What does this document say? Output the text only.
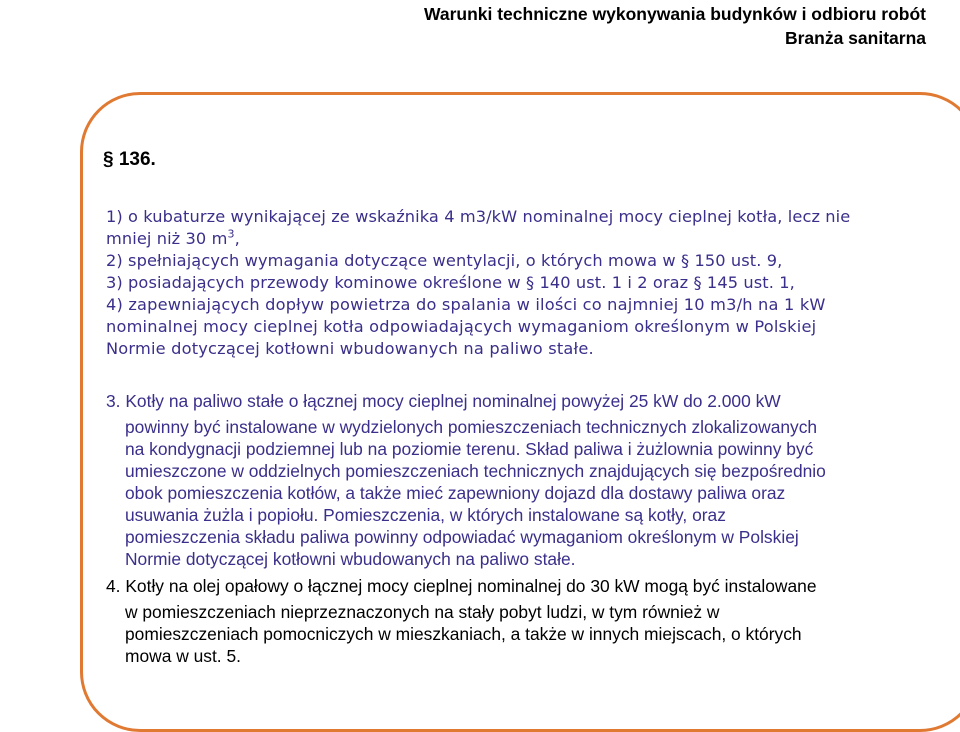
Warunki techniczne wykonywania budynków i odbioru robót
Branża sanitarna
§ 136.
1) o kubaturze wynikającej ze wskaźnika 4 m3/kW nominalnej mocy cieplnej kotła, lecz nie
mniej niż 30 $m^3$,
2) spełniających wymagania dotyczące wentylacji, o których mowa w § 150 ust. 9,
3) posiadających przewody kominowe określone w § 140 ust. 1 i 2 oraz § 145 ust. 1,
4) zapewniających dopływ powietrza do spalania w ilości co najmniej 10 m3/h na 1 kW
nominalnej mocy cieplnej kotła odpowiadających wymaganiom określonym w Polskiej
Normie dotyczącej kotłowni wbudowanych na paliwo stałe.
3. Kotły na paliwo stałe o łącznej mocy cieplnej nominalnej powyżej 25 kW do 2.000 kW
powinny być instalowane w wydzielonych pomieszczeniach technicznych zlokalizowanych
na kondygnacji podziemnej lub na poziomie terenu. Skład paliwa i żużlownia powinny być
umieszczone w oddzielnych pomieszczeniach technicznych znajdujących się bezpośrednio
obok pomieszczenia kotłów, a także mieć zapewniony dojazd dla dostawy paliwa oraz
usuwania żużla i popiołu. Pomieszczenia, w których instalowane są kotły, oraz
pomieszczenia składu paliwa powinny odpowiadać wymaganiom określonym w Polskiej
Normie dotyczącej kotłowni wbudowanych na paliwo stałe.
4. Kotły na olej opałowy o łącznej mocy cieplnej nominalnej do 30 kW mogą być instalowane
w pomieszczeniach nieprzeznaczonych na stały pobyt ludzi, w tym również w
pomieszczeniach pomocniczych w mieszkaniach, a także w innych miejscach, o których
mowa w ust. 5.
